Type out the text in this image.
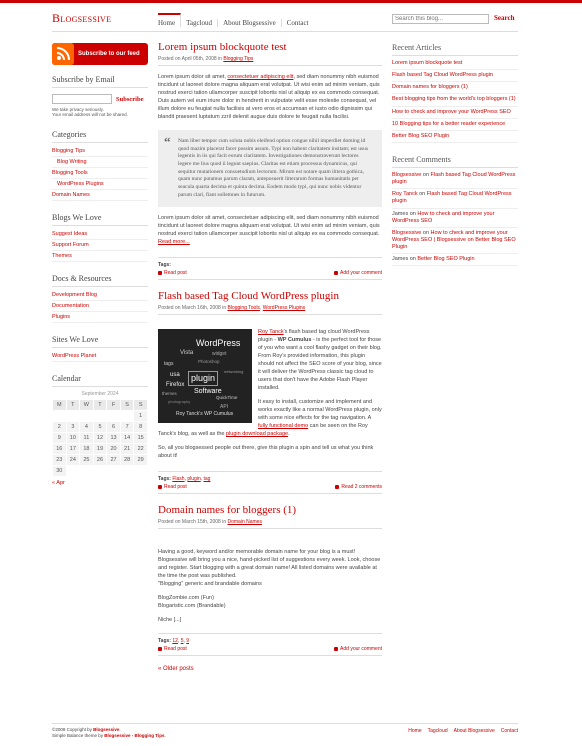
Blogsessive	Home	Tagcloud	About Blogsessive	Contact
Search this blog...
Search
Subscribe to our feed
Subscribe by Email
Subscribe
We take privacy seriously.
Your email address will not be shared.
Categories
Blogging Tips
Blog Writing
Blogging Tools
WordPress Plugins
Domain Names
Blogs We Love
Suggest Ideas
Support Forum
Themes
Docs & Resources
Development Blog
Documentation
Plugins
Sites We Love
WordPress Planet
Calendar
September 2024
M	T	W	T	F	S	S
						1
2	3	4	5	6	7	8
9	10	11	12	13	14	15
16	17	18	19	20	21	22
23	24	25	26	27	28	29
30						
« Apr
Lorem ipsum blockquote test
Posted on April 05th, 2008 in Blogging Tips
Lorem ipsum dolor sit amet, consectetuer adipiscing elit, sed diam nonummy nibh euismod tincidunt ut laoreet dolore magna aliquam erat volutpat. Ut wisi enim ad minim veniam, quis nostrud exerci tation ullamcorper suscipit lobortis nisl ut aliquip ex ea commodo consequat. Duis autem vel eum iriure dolor in hendrerit in vulputate velit esse molestie consequat, vel illum dolore eu feugiat nulla facilisis at vero eros et accumsan et iusto odio dignissim qui blandit praesent luptatum zzril delenit augue duis dolore te feugait nulla facilisi.
“ Nam liber tempor cum soluta nobis eleifend option congue nihil imperdiet doming id quod mazim placerat facer possim assum. Typi non habent claritatem insitam; est usus legentis in iis qui facit eorum claritatem. Investigationes demonstraverunt lectores legere me lius quod ii legunt saepius. Claritas est etiam processus dynamicus, qui sequitur mutationem consuetudium lectorum. Mirum est notare quam littera gothica, quam nunc putamus parum claram, anteposuerit litterarum formas humanitatis per seacula quarta decima et quinta decima. Eodem modo typi, qui nunc nobis videntur parum clari, fiant sollemnes in futurum.
Lorem ipsum dolor sit amet, consectetuer adipiscing elit, sed diam nonummy nibh euismod tincidunt ut laoreet dolore magna aliquam erat volutpat. Ut wisi enim ad minim veniam, quis nostrud exerci tation ullamcorper suscipit lobortis nisl ut aliquip ex ea commodo consequat. Read more...
Tags:
Read post	Add your comment
Flash based Tag Cloud WordPress plugin
Posted on March 16th, 2008 in Blogging Tools, WordPress Plugins
WordPress
Vista
tags
widget
Photoshop
usa	plugin
networking
Firefox
themes Software
QuickTime
photography
API
Roy Tanck's WP Cumulus
Roy Tanck's flash based tag cloud WordPress plugin - WP Cumulus - is the perfect tool for those of you who want a cool flashy gadget on their blog. From Roy's provided information, this plugin should not affect the SEO score of your blog, since it will deliver the WordPress classic tag cloud to users that don't have the Adobe Flash Player installed.
It easy to install, customize and implement and works exactly like a normal WordPress plugin, only with some nice effects for the tag navigation. A fully functional demo can be seen on the Roy Tanck's blog, as well as the plugin download package.
So, all you blogsessed people out there, give this plugin a spin and tell us what you think about it!
Tags: Flash, plugin, tag
Read post	Read 2 comments
Domain names for bloggers (1)
Posted on March 15th, 2008 in Domain Names
Having a good, keyword and/or memorable domain name for your blog is a must! Blogsessive will bring you a nice, hand-picked list of suggestions every week. Look, choose and register. Start blogging with a great domain name! All listed domains were available at the time the post was published.
"Blogging" generic and brandable domains
BlogZombie.com (Fun)
Blogaristic.com (Brandable)
Niche [...]
Tags: 12, 5, 9
Read post	Add your comment
« Older posts
Recent Articles
Lorem ipsum blockquote test
Flash based Tag Cloud WordPress plugin
Domain names for bloggers (1)
Best blogging tips from the world's top bloggers (1)
How to check and improve your WordPress SEO
10 Blogging tips for a better reader experience
Better Blog SEO Plugin
Recent Comments
Blogsessive on Flash based Tag Cloud WordPress plugin
Roy Tanck on Flash based Tag Cloud WordPress plugin
James on How to check and improve your WordPress SEO
Blogsessive on How to check and improve your WordPress SEO | Blogsessive on Better Blog SEO Plugin
James on Better Blog SEO Plugin
©2008 Copyright by Blogsessive.
Simple Balance theme by Blogsessive - Blogging Tips.
Home Tagcloud About Blogsessive Contact
